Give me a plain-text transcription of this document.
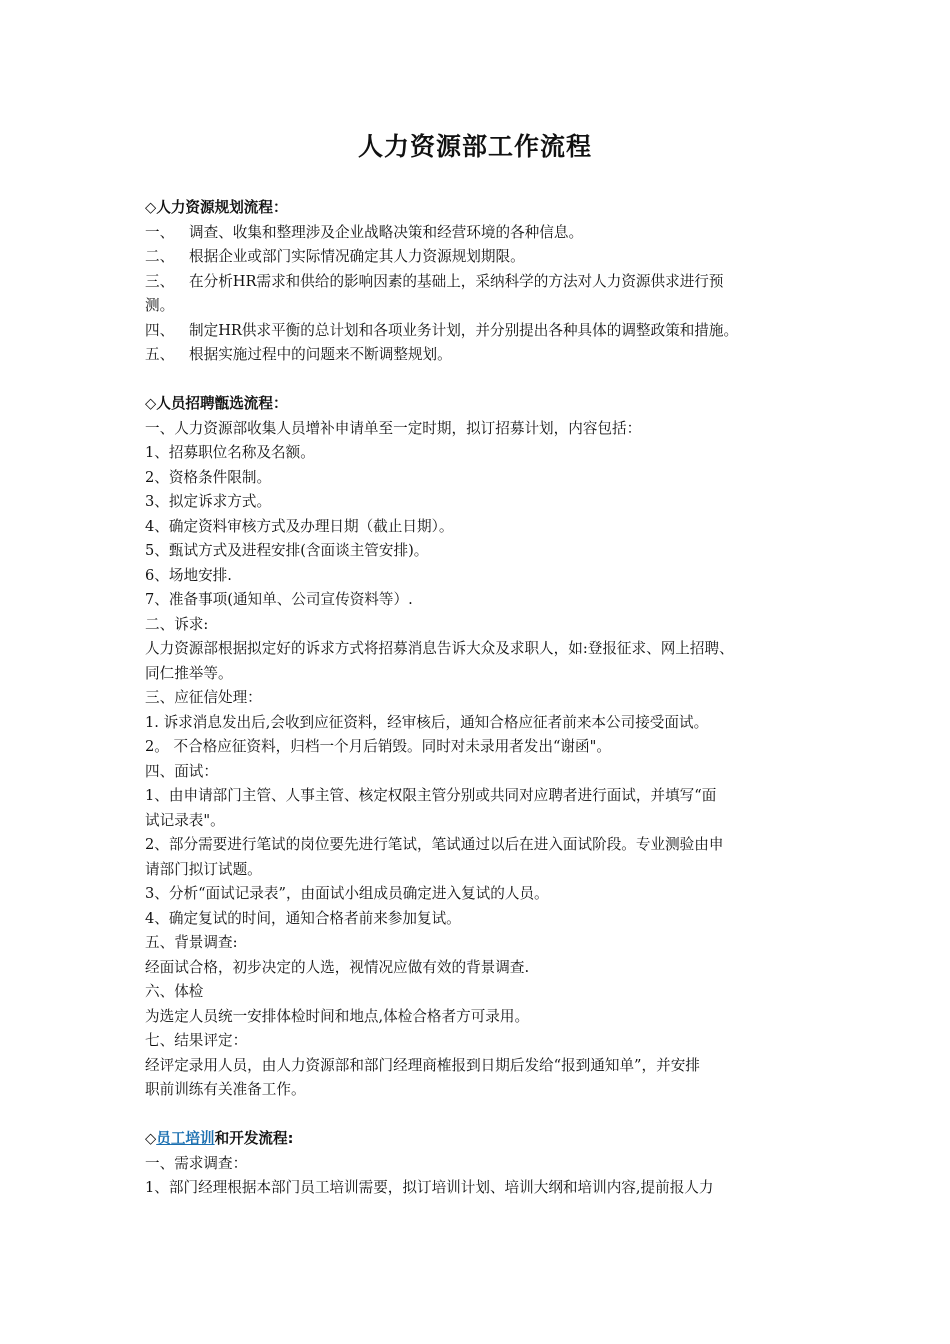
人力资源部工作流程
◇人力资源规划流程：
一、 调查、收集和整理涉及企业战略决策和经营环境的各种信息。
二、 根据企业或部门实际情况确定其人力资源规划期限。
三、 在分析HR需求和供给的影响因素的基础上，采纳科学的方法对人力资源供求进行预
测。
四、 制定HR供求平衡的总计划和各项业务计划，并分别提出各种具体的调整政策和措施。
五、 根据实施过程中的问题来不断调整规划。
◇人员招聘甑选流程：
一、人力资源部收集人员增补申请单至一定时期，拟订招募计划，内容包括：
1、招募职位名称及名额。
2、资格条件限制。
3、拟定诉求方式。
4、确定资料审核方式及办理日期（截止日期）。
5、甄试方式及进程安排(含面谈主管安排)。
6、场地安排.
7、准备事项(通知单、公司宣传资料等）.
二、诉求:
人力资源部根据拟定好的诉求方式将招募消息告诉大众及求职人，如:登报征求、网上招聘、
同仁推举等。
三、应征信处理：
1. 诉求消息发出后,会收到应征资料，经审核后，通知合格应征者前来本公司接受面试。
2。 不合格应征资料，归档一个月后销毁。同时对未录用者发出“谢函"。
四、面试：
1、由申请部门主管、人事主管、核定权限主管分别或共同对应聘者进行面试，并填写“面
试记录表"。
2、部分需要进行笔试的岗位要先进行笔试，笔试通过以后在进入面试阶段。专业测验由申
请部门拟订试题。
3、分析“面试记录表”，由面试小组成员确定进入复试的人员。
4、确定复试的时间，通知合格者前来参加复试。
五、背景调查:
经面试合格，初步决定的人选，视情况应做有效的背景调查.
六、体检
为选定人员统一安排体检时间和地点,体检合格者方可录用。
七、结果评定：
经评定录用人员，由人力资源部和部门经理商榷报到日期后发给“报到通知单”，并安排
职前训练有关准备工作。
◇员工培训和开发流程:
一、需求调查：
1、部门经理根据本部门员工培训需要，拟订培训计划、培训大纲和培训内容,提前报人力
